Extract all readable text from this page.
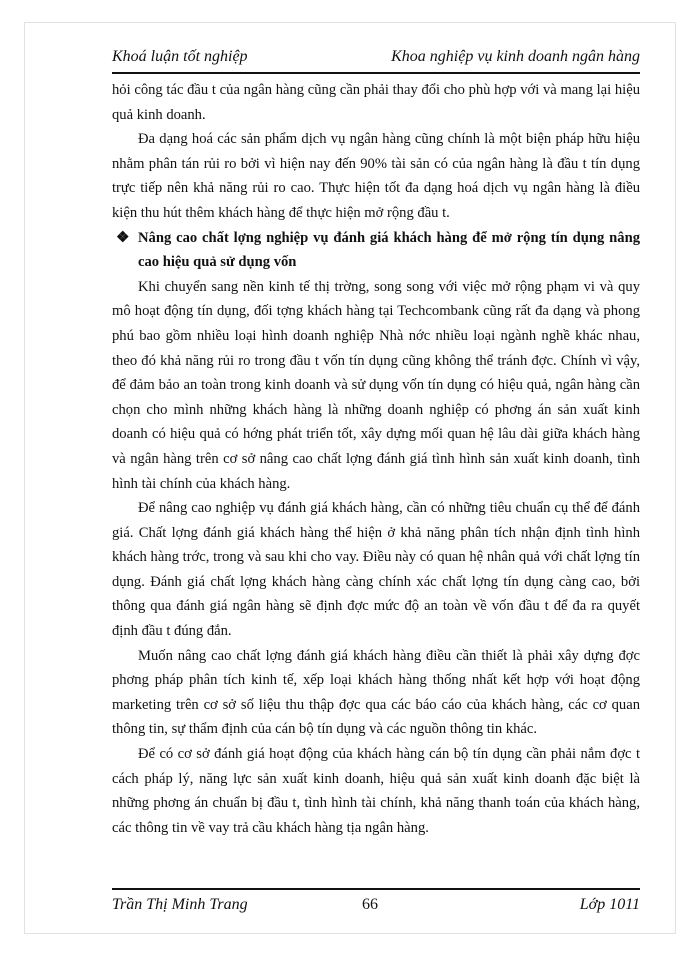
Khoá luận tốt nghiệp	Khoa nghiệp vụ kinh doanh ngân hàng

hỏi công tác đầu t của ngân hàng cũng cần phải thay đổi cho phù hợp với và mang lại hiệu quả kinh doanh.

Đa dạng hoá các sản phẩm dịch vụ ngân hàng cũng chính là một biện pháp hữu hiệu nhằm phân tán rủi ro bởi vì hiện nay đến 90% tài sản có của ngân hàng là đầu t tín dụng trực tiếp nên khả năng rủi ro cao. Thực hiện tốt đa dạng hoá dịch vụ ngân hàng là điều kiện thu hút thêm khách hàng để thực hiện mở rộng đầu t.

❖ Nâng cao chất lợng nghiệp vụ đánh giá khách hàng để mở rộng tín dụng nâng cao hiệu quả sử dụng vốn

Khi chuyển sang nền kinh tế thị trờng, song song với việc mở rộng phạm vi và quy mô hoạt động tín dụng, đối tợng khách hàng tại Techcombank cũng rất đa dạng và phong phú bao gồm nhiều loại hình doanh nghiệp Nhà nớc nhiều loại ngành nghề khác nhau, theo đó khả năng rủi ro trong đầu t vốn tín dụng cũng không thể tránh đợc. Chính vì vậy, để đảm bảo an toàn trong kinh doanh và sử dụng vốn tín dụng có hiệu quả, ngân hàng cần chọn cho mình những khách hàng là những doanh nghiệp có phơng án sản xuất kinh doanh có hiệu quả có hớng phát triển tốt, xây dựng mối quan hệ lâu dài giữa khách hàng và ngân hàng trên cơ sở nâng cao chất lợng đánh giá tình hình sản xuất kinh doanh, tình hình tài chính của khách hàng.

Để nâng cao nghiệp vụ đánh giá khách hàng, cần có những tiêu chuẩn cụ thể để đánh giá. Chất lợng đánh giá khách hàng thể hiện ở khả năng phân tích nhận định tình hình khách hàng trớc, trong và sau khi cho vay. Điều này có quan hệ nhân quả với chất lợng tín dụng. Đánh giá chất lợng khách hàng càng chính xác chất lợng tín dụng càng cao, bởi thông qua đánh giá ngân hàng sẽ định đợc mức độ an toàn về vốn đầu t để đa ra quyết định đầu t đúng đắn.

Muốn nâng cao chất lợng đánh giá khách hàng điều cần thiết là phải xây dựng đợc phơng pháp phân tích kinh tế, xếp loại khách hàng thống nhất kết hợp với hoạt động marketing trên cơ sở số liệu thu thập đợc qua các báo cáo của khách hàng, các cơ quan thông tin, sự thẩm định của cán bộ tín dụng và các nguồn thông tin khác.

Để có cơ sở đánh giá hoạt động của khách hàng cán bộ tín dụng cần phải nắm đợc t cách pháp lý, năng lực sản xuất kinh doanh, hiệu quả sản xuất kinh doanh đặc biệt là những phơng án chuẩn bị đầu t, tình hình tài chính, khả năng thanh toán của khách hàng, các thông tin về vay trả cầu khách hàng tịa ngân hàng.

Trần Thị Minh Trang	66	Lớp 1011
